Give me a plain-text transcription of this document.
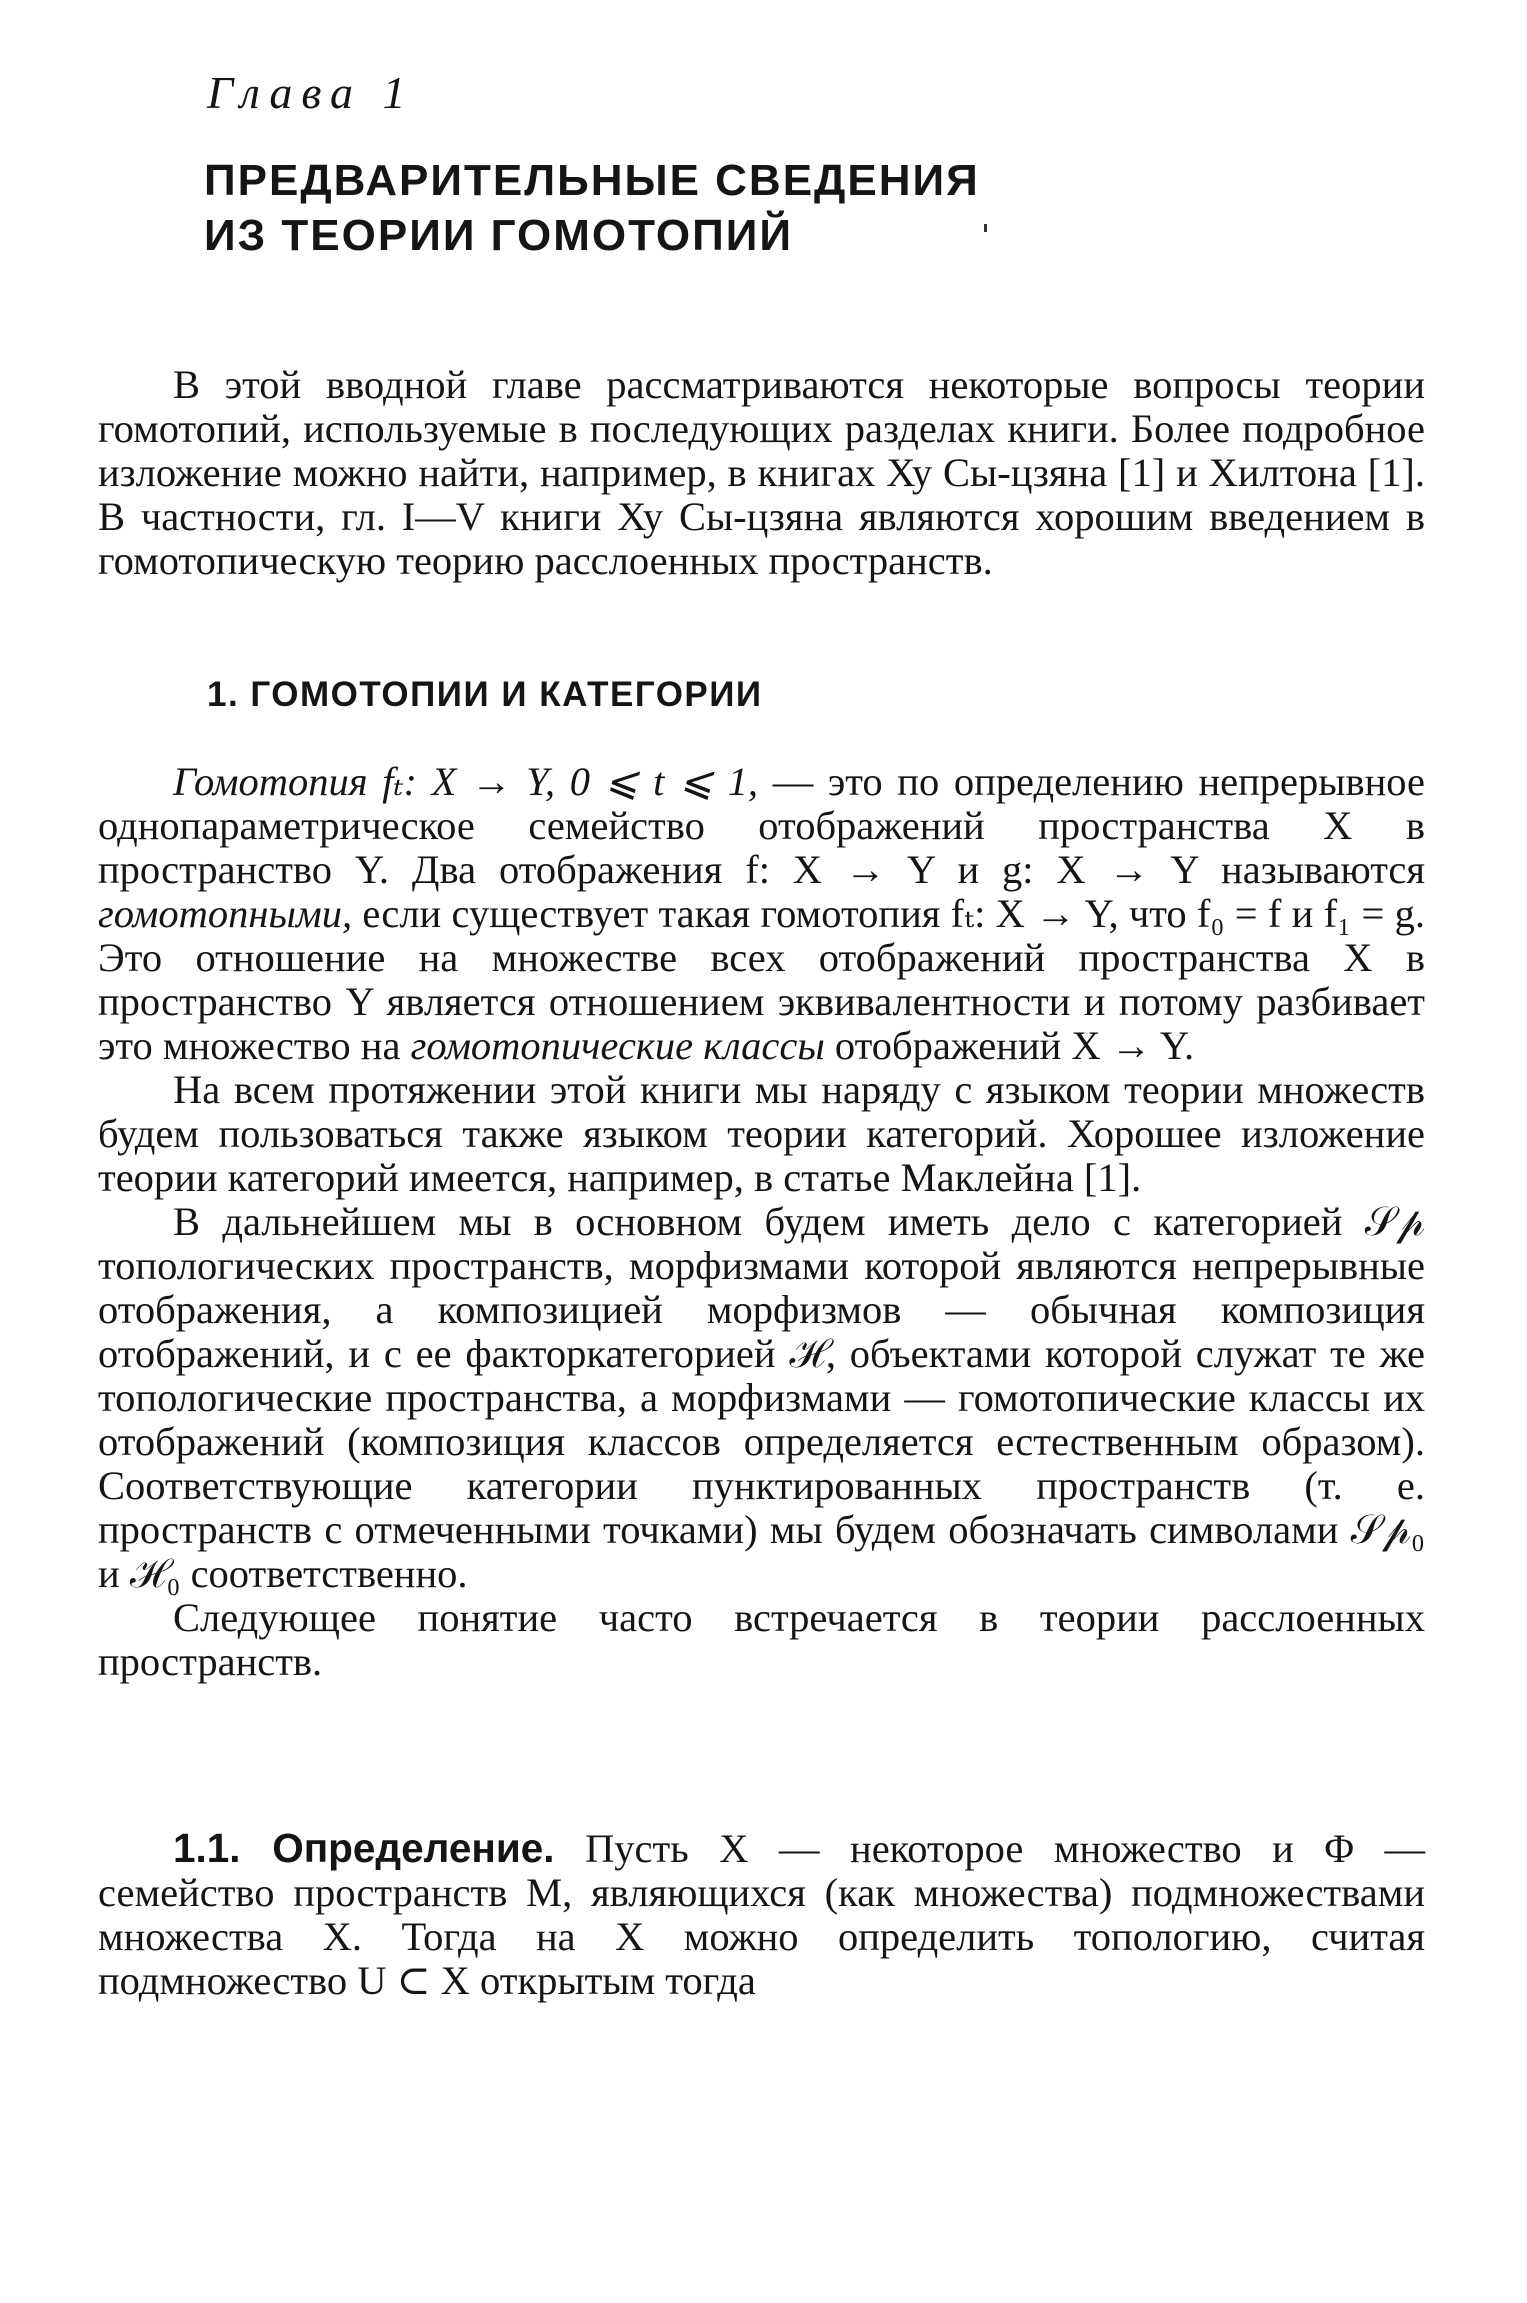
Глава 1
ПРЕДВАРИТЕЛЬНЫЕ СВЕДЕНИЯ
ИЗ ТЕОРИИ ГОМОТОПИЙ

В этой вводной главе рассматриваются некоторые вопросы теории гомотопий, используемые в последующих разделах книги. Более подробное изложение можно найти, например, в книгах Ху Сы-цзяна [1] и Хилтона [1]. В частности, гл. I—V книги Ху Сы-цзяна являются хорошим введением в гомотопическую теорию расслоенных пространств.

1. ГОМОТОПИИ И КАТЕГОРИИ

Гомотопия fₜ: X → Y, 0 ⩽ t ⩽ 1, — это по определению непрерывное однопараметрическое семейство отображений пространства X в пространство Y. Два отображения f: X → Y и g: X → Y называются гомотопными, если существует такая гомотопия fₜ: X → Y, что f₀ = f и f₁ = g. Это отношение на множестве всех отображений пространства X в пространство Y является отношением эквивалентности и потому разбивает это множество на гомотопические классы отображений X → Y.

На всем протяжении этой книги мы наряду с языком теории множеств будем пользоваться также языком теории категорий. Хорошее изложение теории категорий имеется, например, в статье Маклейна [1].

В дальнейшем мы в основном будем иметь дело с категорией 𝒮𝓅 топологических пространств, морфизмами которой являются непрерывные отображения, а композицией морфизмов — обычная композиция отображений, и с ее факторкатегорией ℋ, объектами которой служат те же топологические пространства, а морфизмами — гомотопические классы их отображений (композиция классов определяется естественным образом). Соответствующие категории пунктированных пространств (т. е. пространств с отмеченными точками) мы будем обозначать символами 𝒮𝓅₀ и ℋ₀ соответственно.

Следующее понятие часто встречается в теории расслоенных пространств.

1.1. Определение. Пусть X — некоторое множество и Φ — семейство пространств M, являющихся (как множества) подмножествами множества X. Тогда на X можно определить топологию, считая подмножество U ⊂ X открытым тогда
